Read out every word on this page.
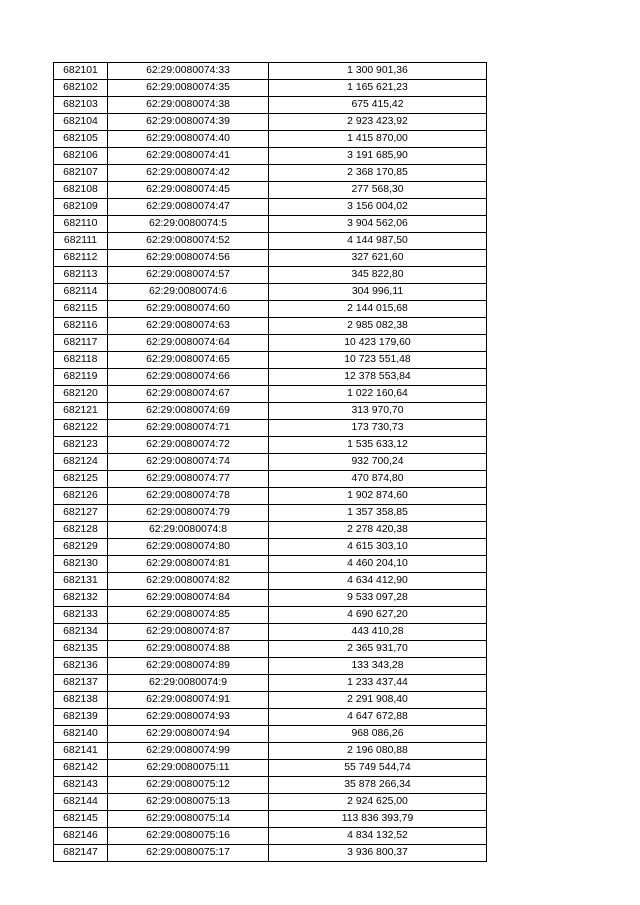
682101	62:29:0080074:33	1 300 901,36
682102	62:29:0080074:35	1 165 621,23
682103	62:29:0080074:38	675 415,42
682104	62:29:0080074:39	2 923 423,92
682105	62:29:0080074:40	1 415 870,00
682106	62:29:0080074:41	3 191 685,90
682107	62:29:0080074:42	2 368 170,85
682108	62:29:0080074:45	277 568,30
682109	62:29:0080074:47	3 156 004,02
682110	62:29:0080074:5	3 904 562,06
682111	62:29:0080074:52	4 144 987,50
682112	62:29:0080074:56	327 621,60
682113	62:29:0080074:57	345 822,80
682114	62:29:0080074:6	304 996,11
682115	62:29:0080074:60	2 144 015,68
682116	62:29:0080074:63	2 985 082,38
682117	62:29:0080074:64	10 423 179,60
682118	62:29:0080074:65	10 723 551,48
682119	62:29:0080074:66	12 378 553,84
682120	62:29:0080074:67	1 022 160,64
682121	62:29:0080074:69	313 970,70
682122	62:29:0080074:71	173 730,73
682123	62:29:0080074:72	1 535 633,12
682124	62:29:0080074:74	932 700,24
682125	62:29:0080074:77	470 874,80
682126	62:29:0080074:78	1 902 874,60
682127	62:29:0080074:79	1 357 358,85
682128	62:29:0080074:8	2 278 420,38
682129	62:29:0080074:80	4 615 303,10
682130	62:29:0080074:81	4 460 204,10
682131	62:29:0080074:82	4 634 412,90
682132	62:29:0080074:84	9 533 097,28
682133	62:29:0080074:85	4 690 627,20
682134	62:29:0080074:87	443 410,28
682135	62:29:0080074:88	2 365 931,70
682136	62:29:0080074:89	133 343,28
682137	62:29:0080074:9	1 233 437,44
682138	62:29:0080074:91	2 291 908,40
682139	62:29:0080074:93	4 647 672,88
682140	62:29:0080074:94	968 086,26
682141	62:29:0080074:99	2 196 080,88
682142	62:29:0080075:11	55 749 544,74
682143	62:29:0080075:12	35 878 266,34
682144	62:29:0080075:13	2 924 625,00
682145	62:29:0080075:14	113 836 393,79
682146	62:29:0080075:16	4 834 132,52
682147	62:29:0080075:17	3 936 800,37
